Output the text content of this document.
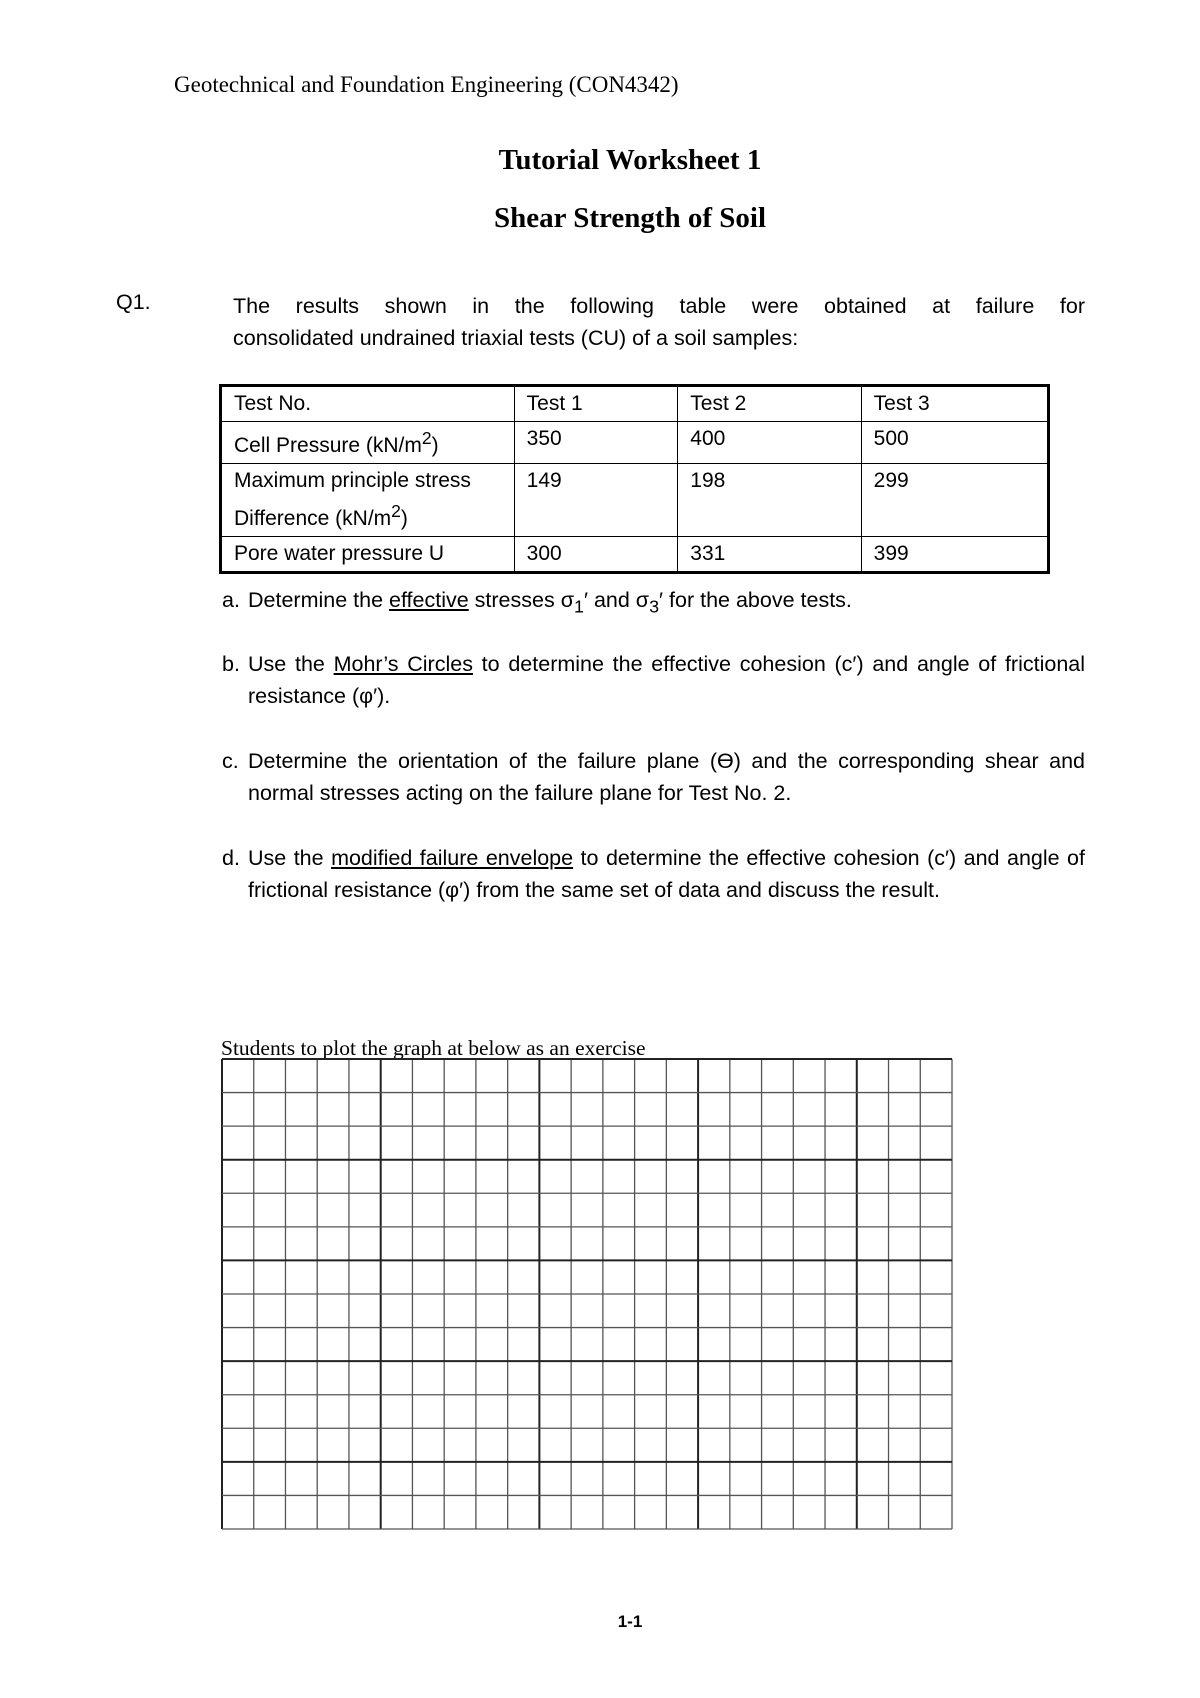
Geotechnical and Foundation Engineering (CON4342)
Tutorial Worksheet 1
Shear Strength of Soil
Q1.	The results shown in the following table were obtained at failure for
consolidated undrained triaxial tests (CU) of a soil samples:
Test No.	Test 1	Test 2	Test 3
Cell Pressure $(kN/m^2)$	350	400	500
Maximum principle stress
Difference $(kN/m^2)$	149	198	299
Pore water pressure U	300	331	399
a. Determine the effective stresses $\sigma_1'$ and $\sigma_3'$ for the above tests.
b. Use the Mohr’s Circles to determine the effective cohesion (c′) and angle of frictional resistance (φ′).
c. Determine the orientation of the failure plane (Ɵ) and the corresponding shear and normal stresses acting on the failure plane for Test No. 2.
d. Use the modified failure envelope to determine the effective cohesion (c′) and angle of frictional resistance (φ′) from the same set of data and discuss the result.
Students to plot the graph at below as an exercise
1-1
